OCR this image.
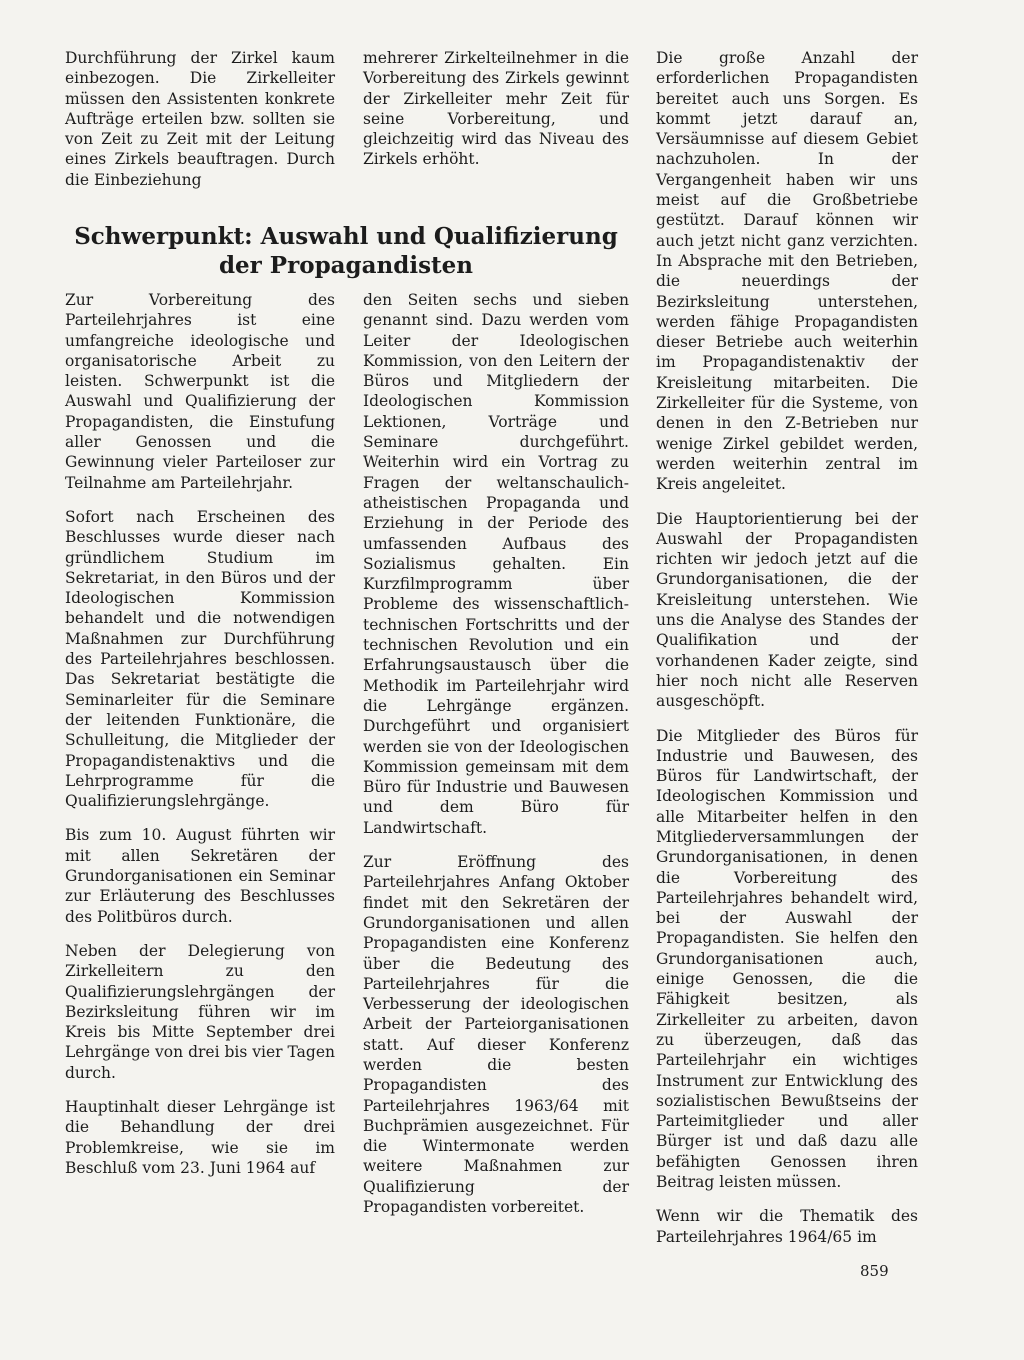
Durchführung der Zirkel kaum einbezogen. Die Zirkelleiter müssen den Assistenten konkrete Aufträge erteilen bzw. sollten sie von Zeit zu Zeit mit der Leitung eines Zirkels beauftragen. Durch die Einbeziehung

mehrerer Zirkelteilnehmer in die Vorbereitung des Zirkels gewinnt der Zirkelleiter mehr Zeit für seine Vorbereitung, und gleichzeitig wird das Niveau des Zirkels erhöht.

Schwerpunkt: Auswahl und Qualifizierung der Propagandisten

Zur Vorbereitung des Parteilehrjahres ist eine umfangreiche ideologische und organisatorische Arbeit zu leisten. Schwerpunkt ist die Auswahl und Qualifizierung der Propagandisten, die Einstufung aller Genossen und die Gewinnung vieler Parteiloser zur Teilnahme am Parteilehrjahr.

Sofort nach Erscheinen des Beschlusses wurde dieser nach gründlichem Studium im Sekretariat, in den Büros und der Ideologischen Kommission behandelt und die notwendigen Maßnahmen zur Durchführung des Parteilehrjahres beschlossen. Das Sekretariat bestätigte die Seminarleiter für die Seminare der leitenden Funktionäre, die Schulleitung, die Mitglieder der Propagandistenaktivs und die Lehrprogramme für die Qualifizierungslehrgänge.

Bis zum 10. August führten wir mit allen Sekretären der Grundorganisationen ein Seminar zur Erläuterung des Beschlusses des Politbüros durch.

Neben der Delegierung von Zirkelleitern zu den Qualifizierungslehrgängen der Bezirksleitung führen wir im Kreis bis Mitte September drei Lehrgänge von drei bis vier Tagen durch.

Hauptinhalt dieser Lehrgänge ist die Behandlung der drei Problemkreise, wie sie im Beschluß vom 23. Juni 1964 auf

den Seiten sechs und sieben genannt sind. Dazu werden vom Leiter der Ideologischen Kommission, von den Leitern der Büros und Mitgliedern der Ideologischen Kommission Lektionen, Vorträge und Seminare durchgeführt. Weiterhin wird ein Vortrag zu Fragen der weltanschaulich-atheistischen Propaganda und Erziehung in der Periode des umfassenden Aufbaus des Sozialismus gehalten. Ein Kurzfilmprogramm über Probleme des wissenschaftlich-technischen Fortschritts und der technischen Revolution und ein Erfahrungsaustausch über die Methodik im Parteilehrjahr wird die Lehrgänge ergänzen. Durchgeführt und organisiert werden sie von der Ideologischen Kommission gemeinsam mit dem Büro für Industrie und Bauwesen und dem Büro für Landwirtschaft.

Zur Eröffnung des Parteilehrjahres Anfang Oktober findet mit den Sekretären der Grundorganisationen und allen Propagandisten eine Konferenz über die Bedeutung des Parteilehrjahres für die Verbesserung der ideologischen Arbeit der Parteiorganisationen statt. Auf dieser Konferenz werden die besten Propagandisten des Parteilehrjahres 1963/64 mit Buchprämien ausgezeichnet. Für die Wintermonate werden weitere Maßnahmen zur Qualifizierung der Propagandisten vorbereitet.

Die große Anzahl der erforderlichen Propagandisten bereitet auch uns Sorgen. Es kommt jetzt darauf an, Versäumnisse auf diesem Gebiet nachzuholen. In der Vergangenheit haben wir uns meist auf die Großbetriebe gestützt. Darauf können wir auch jetzt nicht ganz verzichten. In Absprache mit den Betrieben, die neuerdings der Bezirksleitung unterstehen, werden fähige Propagandisten dieser Betriebe auch weiterhin im Propagandistenaktiv der Kreisleitung mitarbeiten. Die Zirkelleiter für die Systeme, von denen in den Z-Betrieben nur wenige Zirkel gebildet werden, werden weiterhin zentral im Kreis angeleitet.

Die Hauptorientierung bei der Auswahl der Propagandisten richten wir jedoch jetzt auf die Grundorganisationen, die der Kreisleitung unterstehen. Wie uns die Analyse des Standes der Qualifikation und der vorhandenen Kader zeigte, sind hier noch nicht alle Reserven ausgeschöpft.

Die Mitglieder des Büros für Industrie und Bauwesen, des Büros für Landwirtschaft, der Ideologischen Kommission und alle Mitarbeiter helfen in den Mitgliederversammlungen der Grundorganisationen, in denen die Vorbereitung des Parteilehrjahres behandelt wird, bei der Auswahl der Propagandisten. Sie helfen den Grundorganisationen auch, einige Genossen, die die Fähigkeit besitzen, als Zirkelleiter zu arbeiten, davon zu überzeugen, daß das Parteilehrjahr ein wichtiges Instrument zur Entwicklung des sozialistischen Bewußtseins der Parteimitglieder und aller Bürger ist und daß dazu alle befähigten Genossen ihren Beitrag leisten müssen.

Wenn wir die Thematik des Parteilehrjahres 1964/65 im

859
